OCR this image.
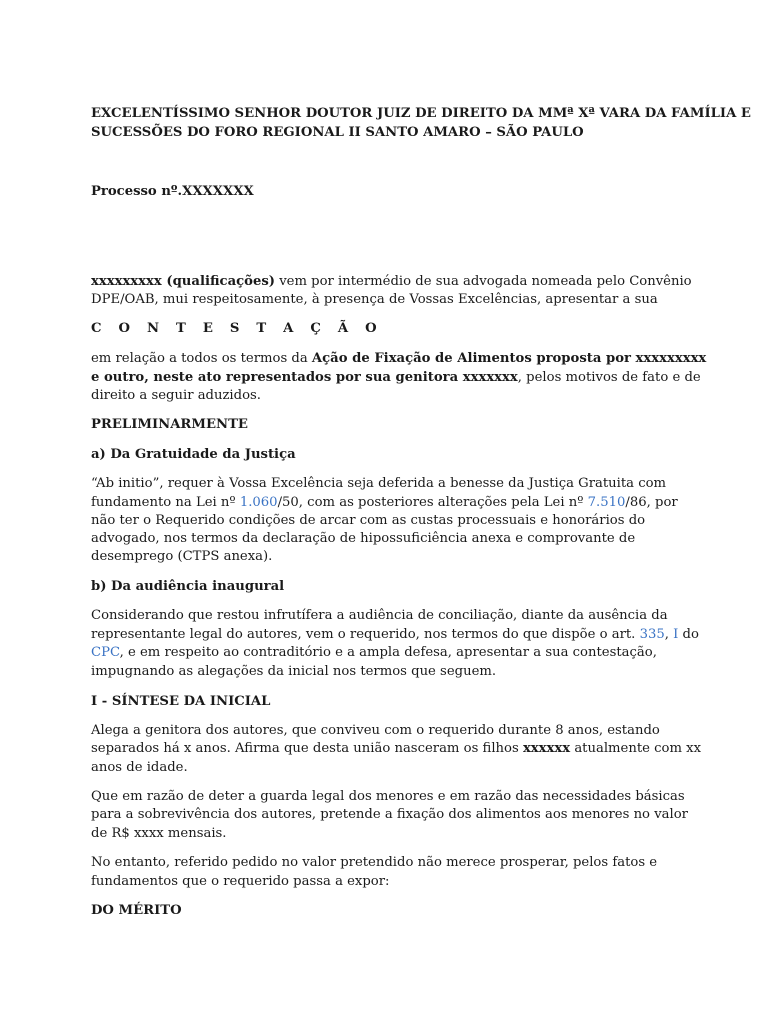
EXCELENTÍSSIMO SENHOR DOUTOR JUIZ DE DIREITO DA MMª Xª VARA DA FAMÍLIA E
SUCESSÕES DO FORO REGIONAL II SANTO AMARO – SÃO PAULO
Processo nº.XXXXXXX
xxxxxxxxx (qualificações) vem por intermédio de sua advogada nomeada pelo Convênio
DPE/OAB, mui respeitosamente, à presença de Vossas Excelências, apresentar a sua
C O N T E S T A Ç Ã O
em relação a todos os termos da Ação de Fixação de Alimentos proposta por xxxxxxxxx
e outro, neste ato representados por sua genitora xxxxxxx, pelos motivos de fato e de
direito a seguir aduzidos.
PRELIMINARMENTE
a) Da Gratuidade da Justiça
“Ab initio”, requer à Vossa Excelência seja deferida a benesse da Justiça Gratuita com
fundamento na Lei nº 1.060/50, com as posteriores alterações pela Lei nº 7.510/86, por
não ter o Requerido condições de arcar com as custas processuais e honorários do
advogado, nos termos da declaração de hipossuficiência anexa e comprovante de
desemprego (CTPS anexa).
b) Da audiência inaugural
Considerando que restou infrutífera a audiência de conciliação, diante da ausência da
representante legal do autores, vem o requerido, nos termos do que dispõe o art. 335, I do
CPC, e em respeito ao contraditório e a ampla defesa, apresentar a sua contestação,
impugnando as alegações da inicial nos termos que seguem.
I - SÍNTESE DA INICIAL
Alega a genitora dos autores, que conviveu com o requerido durante 8 anos, estando
separados há x anos. Afirma que desta união nasceram os filhos xxxxxx atualmente com xx
anos de idade.
Que em razão de deter a guarda legal dos menores e em razão das necessidades básicas
para a sobrevivência dos autores, pretende a fixação dos alimentos aos menores no valor
de R$ xxxx mensais.
No entanto, referido pedido no valor pretendido não merece prosperar, pelos fatos e
fundamentos que o requerido passa a expor:
DO MÉRITO
